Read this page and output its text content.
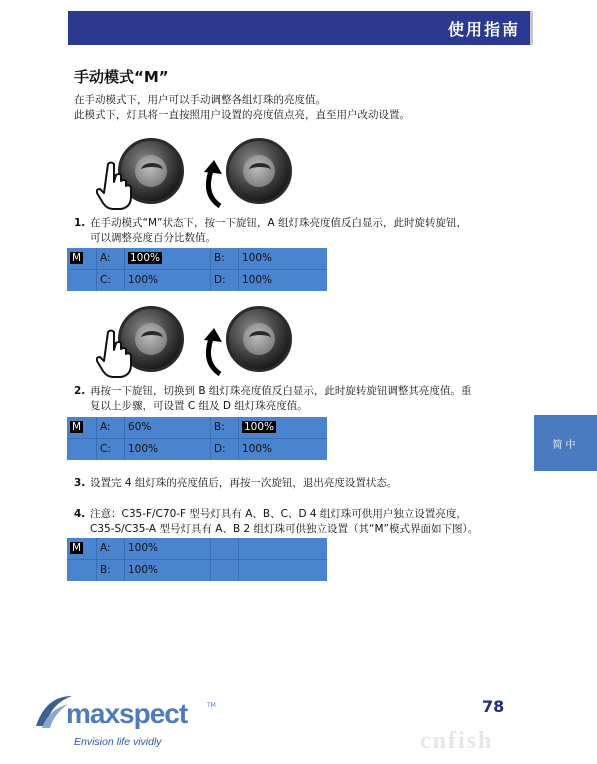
使用指南
手动模式“M”
在手动模式下，用户可以手动调整各组灯珠的亮度值。
此模式下，灯具将一直按照用户设置的亮度值点亮，直至用户改动设置。
1. 在手动模式“M”状态下，按一下旋钮，A 组灯珠亮度值反白显示，此时旋转旋钮，
可以调整亮度百分比数值。
M	A:	100%	B:	100%
C:	100%	D:	100%
2. 再按一下旋钮，切换到 B 组灯珠亮度值反白显示，此时旋转旋钮调整其亮度值。重
复以上步骤，可设置 C 组及 D 组灯珠亮度值。
M	A:	60%	B:	100%
C:	100%	D:	100%
3. 设置完 4 组灯珠的亮度值后，再按一次旋钮，退出亮度设置状态。
4. 注意：C35-F/C70-F 型号灯具有 A、B、C、D 4 组灯珠可供用户独立设置亮度，
C35-S/C35-A 型号灯具有 A、B 2 组灯珠可供独立设置（其“M”模式界面如下图）。
M	A:	100%
B:	100%
简中
maxspect	TM
Envision life vividly
78
cnfish
